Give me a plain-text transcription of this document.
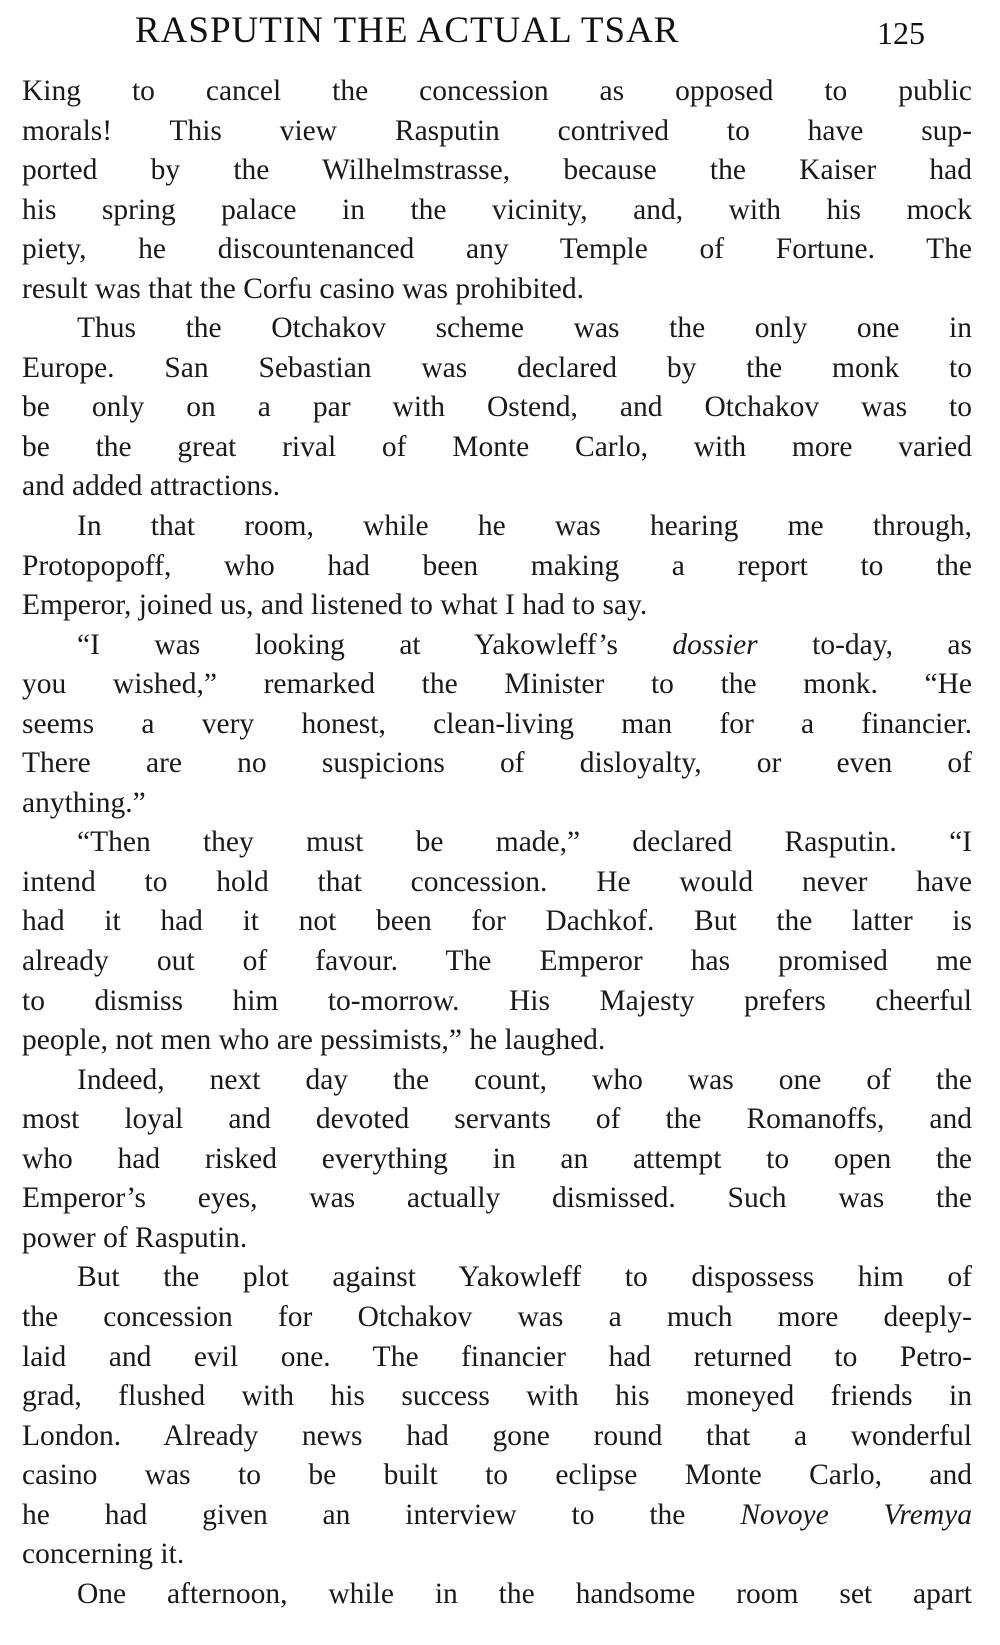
RASPUTIN THE ACTUAL TSAR	125
King to cancel the concession as opposed to public
morals! This view Rasputin contrived to have sup-
ported by the Wilhelmstrasse, because the Kaiser had
his spring palace in the vicinity, and, with his mock
piety, he discountenanced any Temple of Fortune. The
result was that the Corfu casino was prohibited.
Thus the Otchakov scheme was the only one in
Europe. San Sebastian was declared by the monk to
be only on a par with Ostend, and Otchakov was to
be the great rival of Monte Carlo, with more varied
and added attractions.
In that room, while he was hearing me through,
Protopopoff, who had been making a report to the
Emperor, joined us, and listened to what I had to say.
“I was looking at Yakowleff’s dossier to-day, as
you wished,” remarked the Minister to the monk. “He
seems a very honest, clean-living man for a financier.
There are no suspicions of disloyalty, or even of
anything.”
“Then they must be made,” declared Rasputin. “I
intend to hold that concession. He would never have
had it had it not been for Dachkof. But the latter is
already out of favour. The Emperor has promised me
to dismiss him to-morrow. His Majesty prefers cheerful
people, not men who are pessimists,” he laughed.
Indeed, next day the count, who was one of the
most loyal and devoted servants of the Romanoffs, and
who had risked everything in an attempt to open the
Emperor’s eyes, was actually dismissed. Such was the
power of Rasputin.
But the plot against Yakowleff to dispossess him of
the concession for Otchakov was a much more deeply-
laid and evil one. The financier had returned to Petro-
grad, flushed with his success with his moneyed friends in
London. Already news had gone round that a wonderful
casino was to be built to eclipse Monte Carlo, and
he had given an interview to the Novoye Vremya
concerning it.
One afternoon, while in the handsome room set apart
